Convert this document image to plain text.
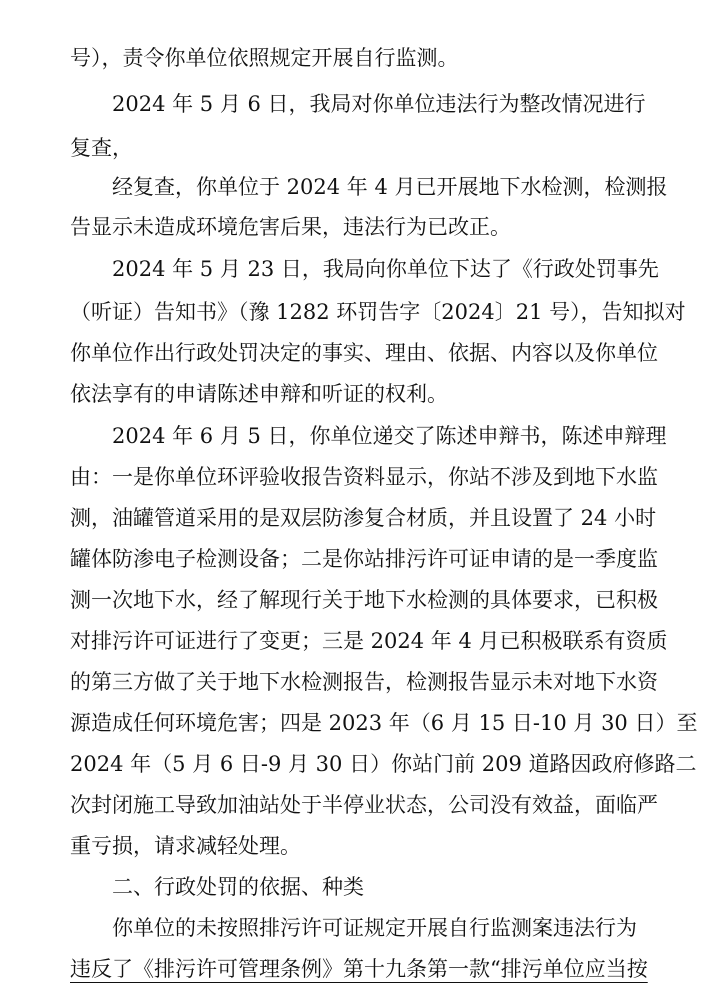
号），责令你单位依照规定开展自行监测。
2024 年 5 月 6 日，我局对你单位违法行为整改情况进行
复查，
经复查，你单位于 2024 年 4 月已开展地下水检测，检测报
告显示未造成环境危害后果，违法行为已改正。
2024 年 5 月 23 日，我局向你单位下达了《行政处罚事先
（听证）告知书》（豫 1282 环罚告字〔2024〕21 号），告知拟对
你单位作出行政处罚决定的事实、理由、依据、内容以及你单位
依法享有的申请陈述申辩和听证的权利。
2024 年 6 月 5 日，你单位递交了陈述申辩书，陈述申辩理
由：一是你单位环评验收报告资料显示，你站不涉及到地下水监
测，油罐管道采用的是双层防渗复合材质，并且设置了 24 小时
罐体防渗电子检测设备；二是你站排污许可证申请的是一季度监
测一次地下水，经了解现行关于地下水检测的具体要求，已积极
对排污许可证进行了变更；三是 2024 年 4 月已积极联系有资质
的第三方做了关于地下水检测报告，检测报告显示未对地下水资
源造成任何环境危害；四是 2023 年（6 月 15 日-10 月 30 日）至
2024 年（5 月 6 日-9 月 30 日）你站门前 209 道路因政府修路二
次封闭施工导致加油站处于半停业状态，公司没有效益，面临严
重亏损，请求减轻处理。
二、行政处罚的依据、种类
你单位的未按照排污许可证规定开展自行监测案违法行为
违反了《排污许可管理条例》第十九条第一款“排污单位应当按
